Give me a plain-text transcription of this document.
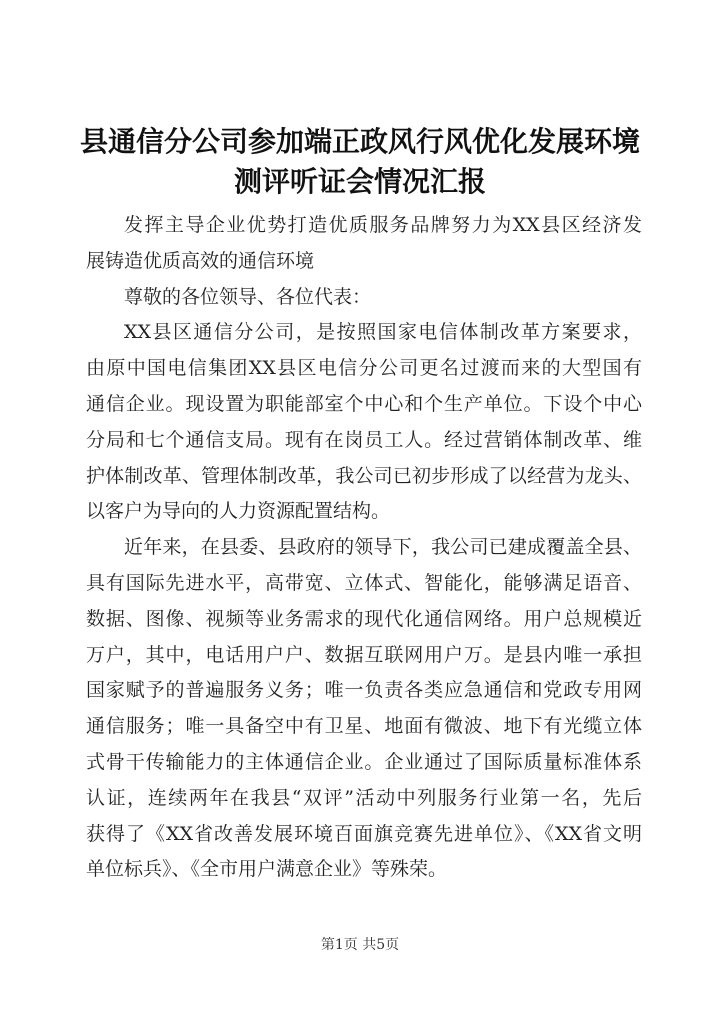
县通信分公司参加端正政风行风优化发展环境
测评听证会情况汇报
发挥主导企业优势打造优质服务品牌努力为XX县区经济发
展铸造优质高效的通信环境
尊敬的各位领导、各位代表：
XX县区通信分公司，是按照国家电信体制改革方案要求，
由原中国电信集团XX县区电信分公司更名过渡而来的大型国有
通信企业。现设置为职能部室个中心和个生产单位。下设个中心
分局和七个通信支局。现有在岗员工人。经过营销体制改革、维
护体制改革、管理体制改革，我公司已初步形成了以经营为龙头、
以客户为导向的人力资源配置结构。
近年来，在县委、县政府的领导下，我公司已建成覆盖全县、
具有国际先进水平，高带宽、立体式、智能化，能够满足语音、
数据、图像、视频等业务需求的现代化通信网络。用户总规模近
万户，其中，电话用户户、数据互联网用户万。是县内唯一承担
国家赋予的普遍服务义务；唯一负责各类应急通信和党政专用网
通信服务；唯一具备空中有卫星、地面有微波、地下有光缆立体
式骨干传输能力的主体通信企业。企业通过了国际质量标准体系
认证，连续两年在我县“双评”活动中列服务行业第一名，先后
获得了《XX省改善发展环境百面旗竞赛先进单位》、《XX省文明
单位标兵》、《全市用户满意企业》等殊荣。
第1页 共5页
